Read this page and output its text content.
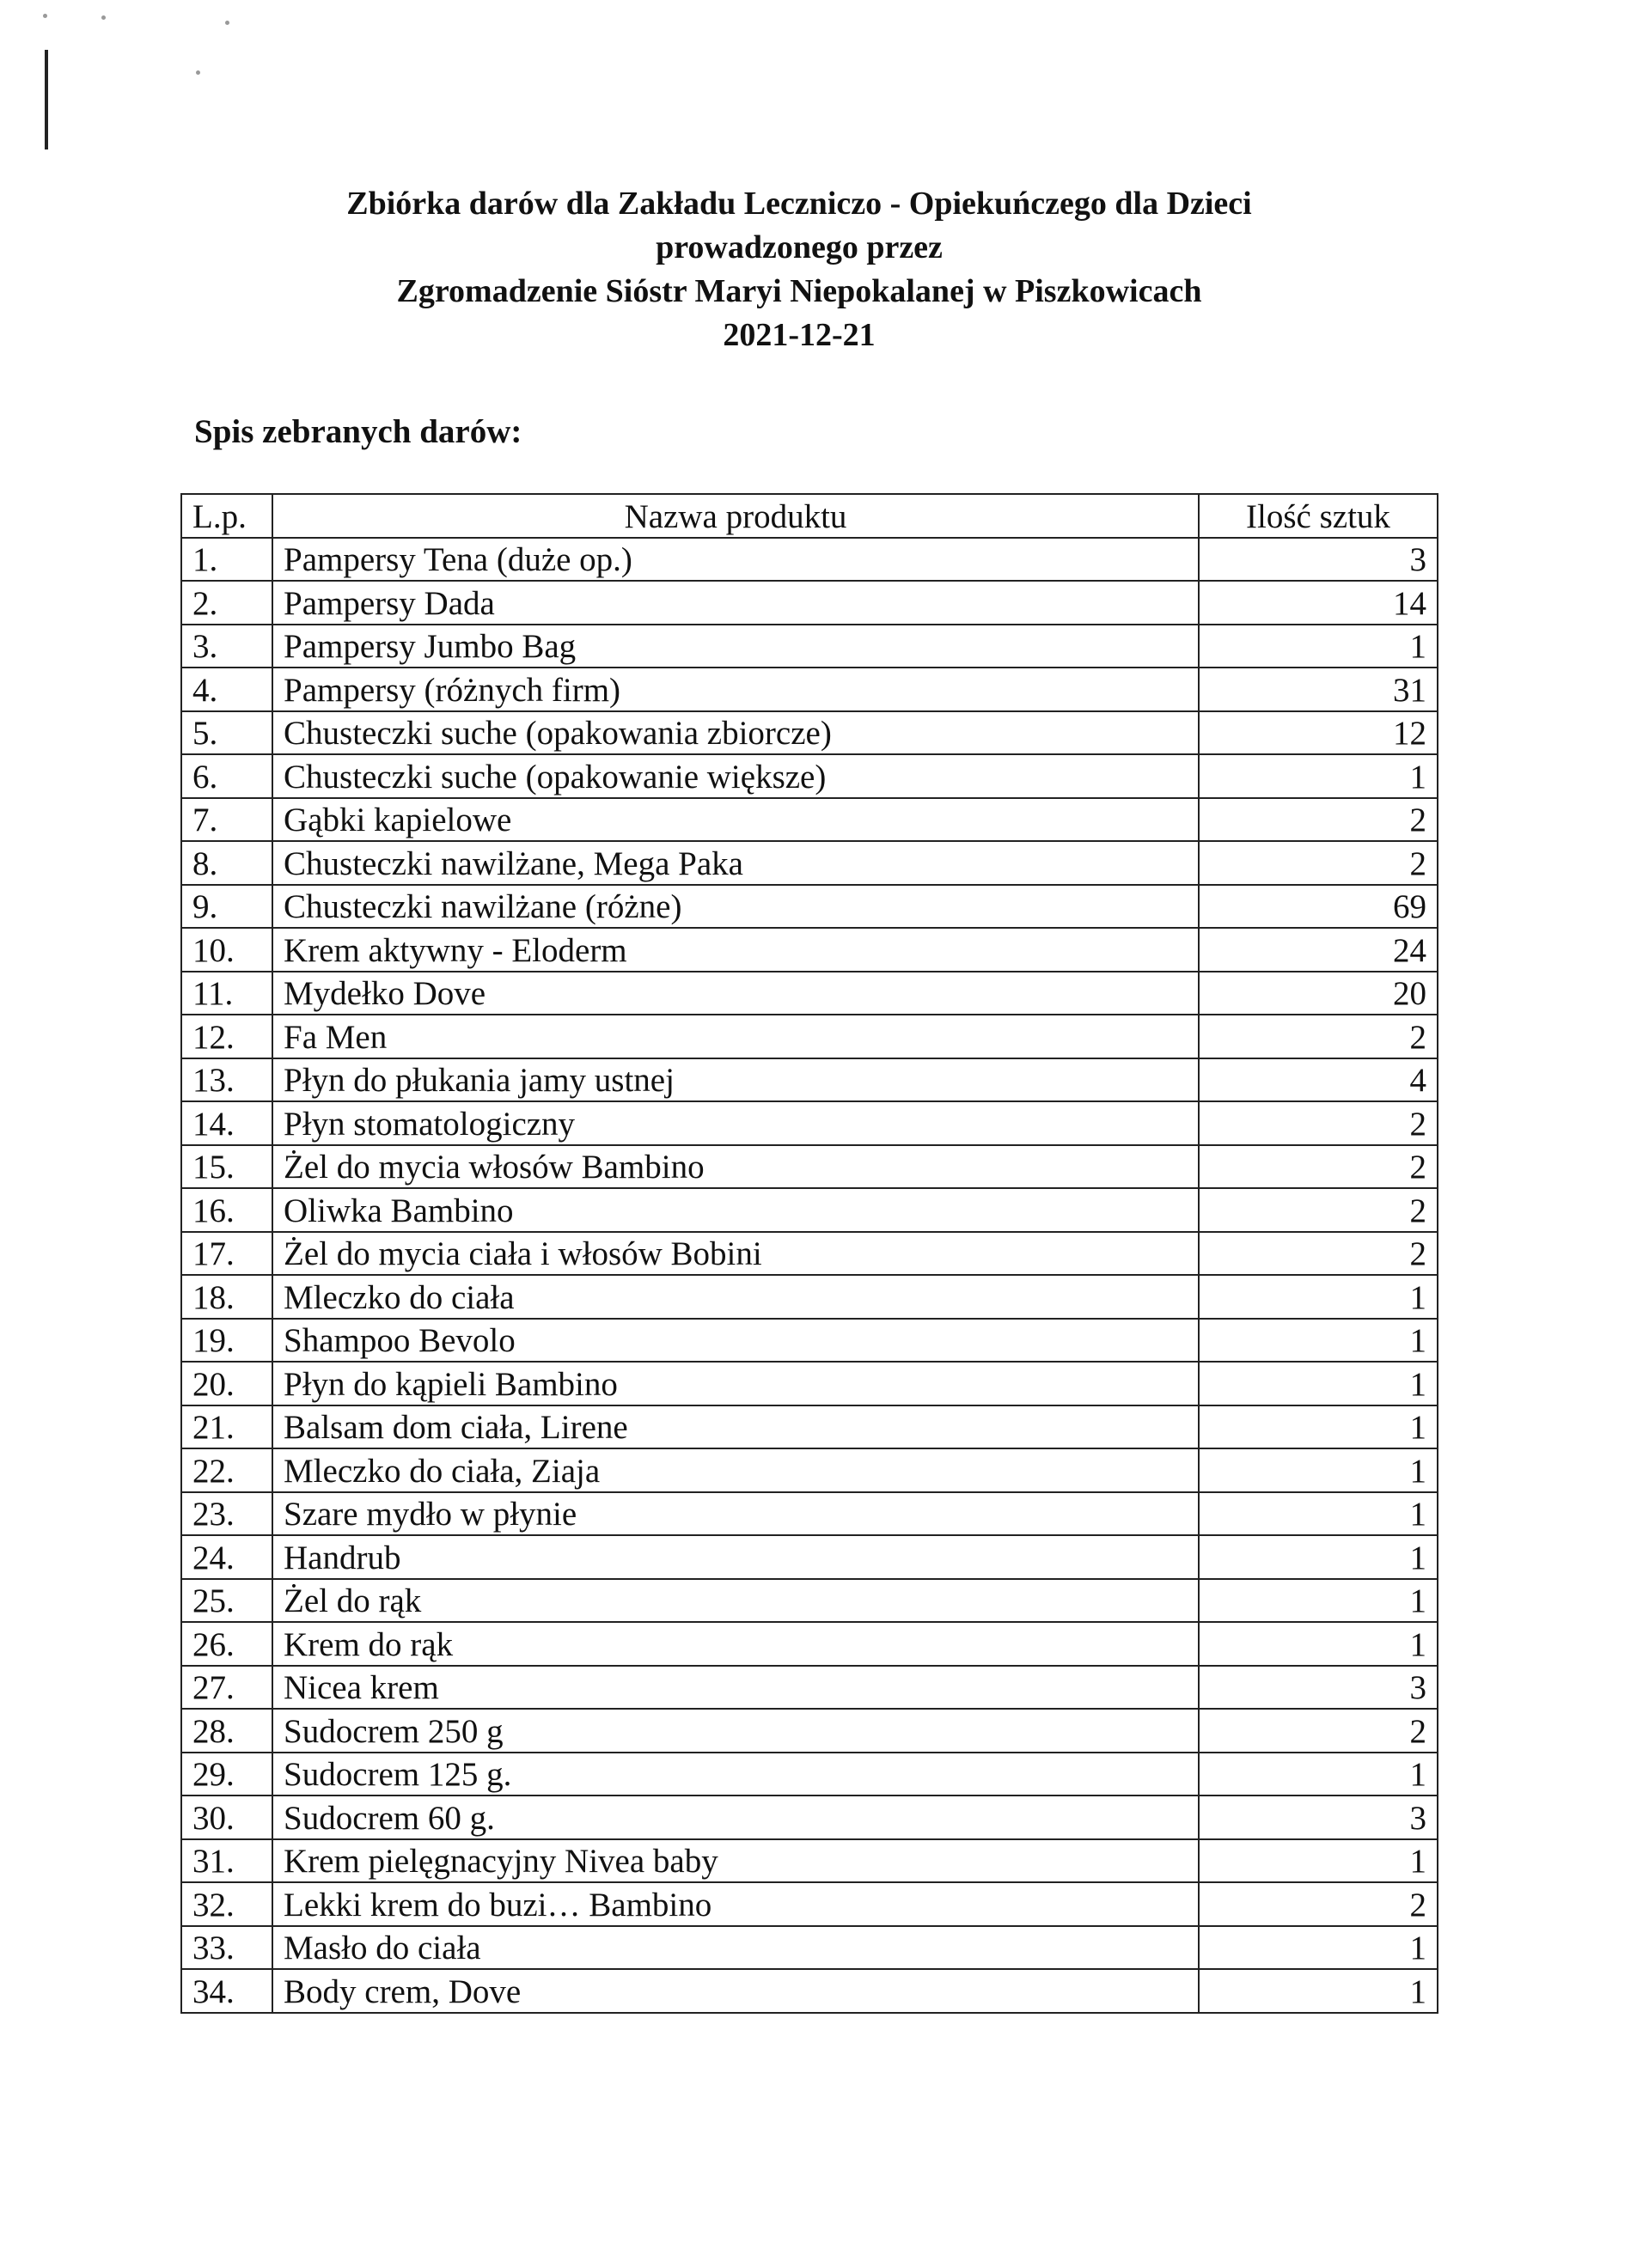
Zbiórka darów dla Zakładu Leczniczo - Opiekuńczego dla Dzieci
prowadzonego przez
Zgromadzenie Sióstr Maryi Niepokalanej w Piszkowicach
2021-12-21
Spis zebranych darów:
L.p.	Nazwa produktu	Ilość sztuk
1.	Pampersy Tena (duże op.)	3
2.	Pampersy Dada	14
3.	Pampersy Jumbo Bag	1
4.	Pampersy (różnych firm)	31
5.	Chusteczki suche (opakowania zbiorcze)	12
6.	Chusteczki suche (opakowanie większe)	1
7.	Gąbki kapielowe	2
8.	Chusteczki nawilżane, Mega Paka	2
9.	Chusteczki nawilżane (różne)	69
10.	Krem aktywny - Eloderm	24
11.	Mydełko Dove	20
12.	Fa Men	2
13.	Płyn do płukania jamy ustnej	4
14.	Płyn stomatologiczny	2
15.	Żel do mycia włosów Bambino	2
16.	Oliwka Bambino	2
17.	Żel do mycia ciała i włosów Bobini	2
18.	Mleczko do ciała	1
19.	Shampoo Bevolo	1
20.	Płyn do kąpieli Bambino	1
21.	Balsam dom ciała, Lirene	1
22.	Mleczko do ciała, Ziaja	1
23.	Szare mydło w płynie	1
24.	Handrub	1
25.	Żel do rąk	1
26.	Krem do rąk	1
27.	Nicea krem	3
28.	Sudocrem 250 g	2
29.	Sudocrem 125 g.	1
30.	Sudocrem 60 g.	3
31.	Krem pielęgnacyjny Nivea baby	1
32.	Lekki krem do buzi… Bambino	2
33.	Masło do ciała	1
34.	Body crem, Dove	1
